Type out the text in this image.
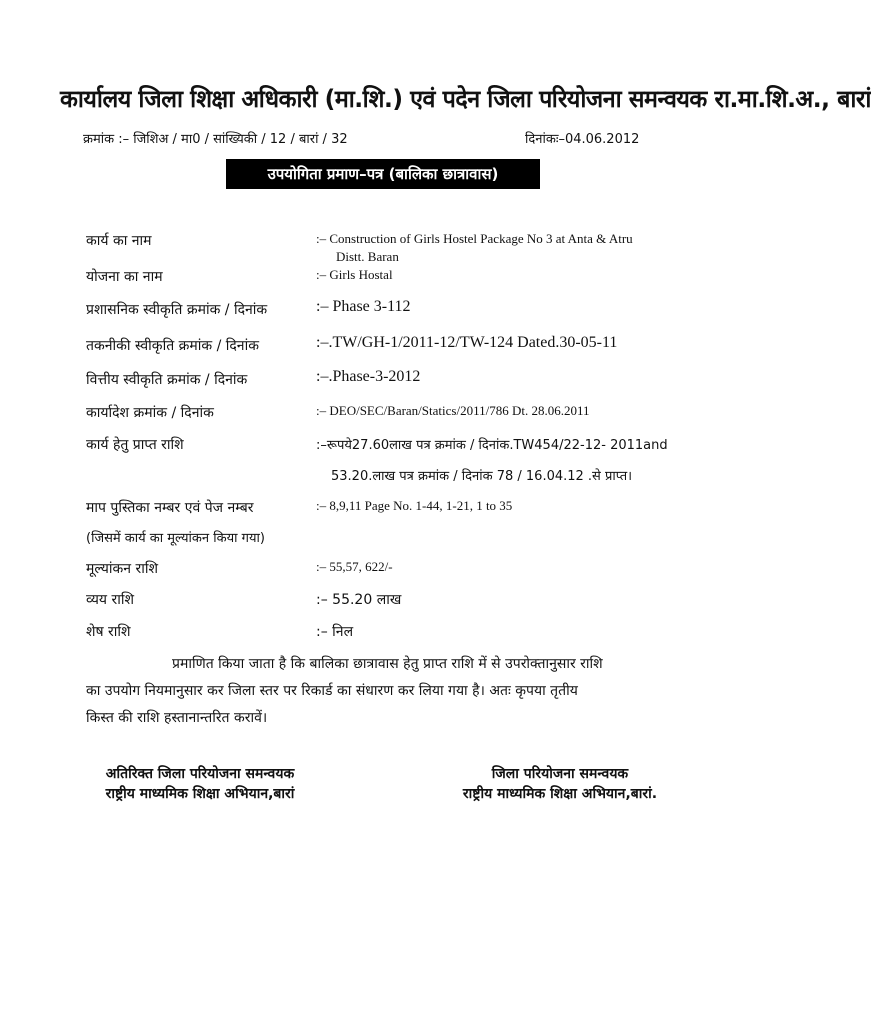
कार्यालय जिला शिक्षा अधिकारी (मा.शि.) एवं पदेन जिला परियोजना समन्वयक रा.मा.शि.अ., बारां
क्रमांक :– जिशिअ / मा0 / सांख्यिकी / 12 / बारां / 32	दिनांकः–04.06.2012
उपयोगिता प्रमाण–पत्र (बालिका छात्रावास)
कार्य का नाम	:– Construction of Girls Hostel Package No 3 at Anta & Atru
Distt. Baran
योजना का नाम	:– Girls Hostal
प्रशासनिक स्वीकृति क्रमांक / दिनांक	:– Phase 3-112
तकनीकी स्वीकृति क्रमांक / दिनांक	:–.TW/GH-1/2011-12/TW-124 Dated.30-05-11
वित्तीय स्वीकृति क्रमांक / दिनांक	:–.Phase-3-2012
कार्यादेश क्रमांक / दिनांक	:– DEO/SEC/Baran/Statics/2011/786 Dt. 28.06.2011
कार्य हेतु प्राप्त राशि	:–रूपये27.60लाख पत्र क्रमांक / दिनांक.TW454/22-12- 2011and
53.20.लाख पत्र क्रमांक / दिनांक 78 / 16.04.12 .से प्राप्त।
माप पुस्तिका नम्बर एवं पेज नम्बर	:– 8,9,11 Page No. 1-44, 1-21, 1 to 35
(जिसमें कार्य का मूल्यांकन किया गया)
मूल्यांकन राशि	:– 55,57, 622/-
व्यय राशि	:– 55.20 लाख
शेष राशि	:– निल
प्रमाणित किया जाता है कि बालिका छात्रावास हेतु प्राप्त राशि में से उपरोक्तानुसार राशि
का उपयोग नियमानुसार कर जिला स्तर पर रिकार्ड का संधारण कर लिया गया है। अतः कृपया तृतीय
किस्त की राशि हस्तानान्तरित करावें।
अतिरिक्त जिला परियोजना समन्वयक
राष्ट्रीय माध्यमिक शिक्षा अभियान,बारां
जिला परियोजना समन्वयक
राष्ट्रीय माध्यमिक शिक्षा अभियान,बारां.
